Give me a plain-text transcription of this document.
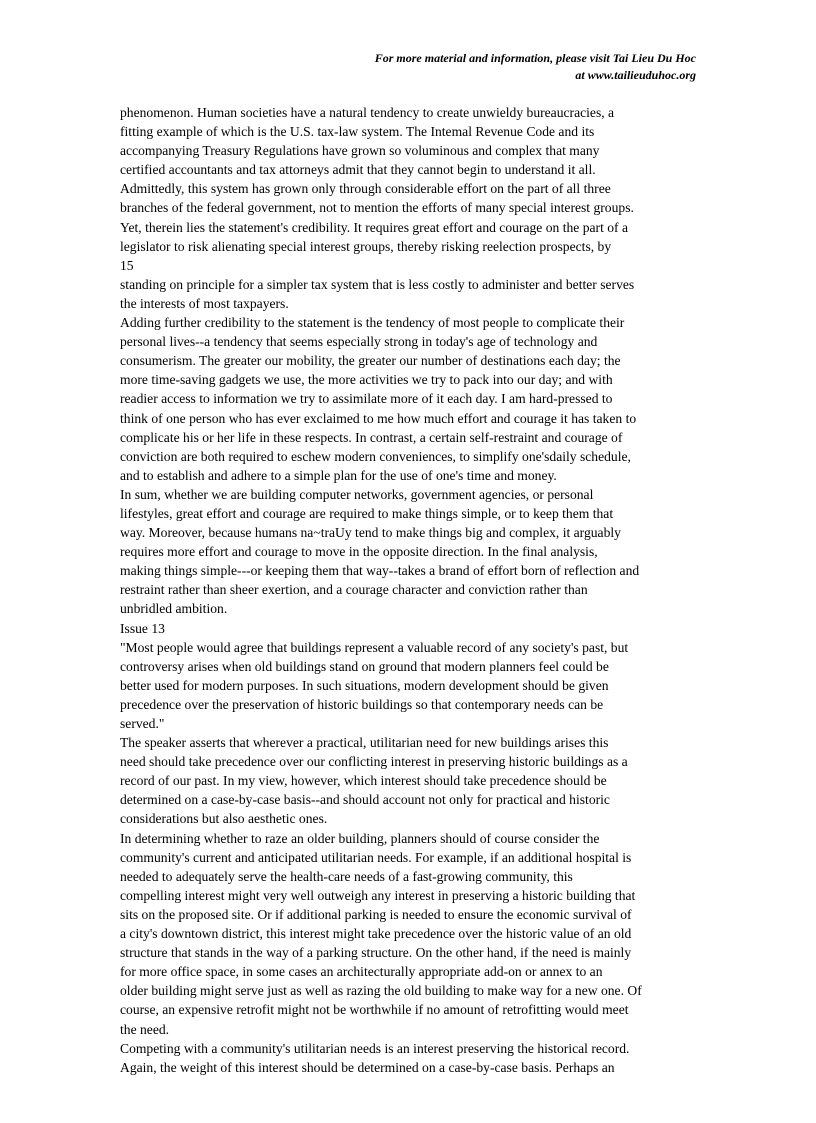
For more material and information, please visit Tai Lieu Du Hoc
at www.tailieuduhoc.org

phenomenon. Human societies have a natural tendency to create unwieldy bureaucracies, a

fitting example of which is the U.S. tax-law system. The Intemal Revenue Code and its

accompanying Treasury Regulations have grown so voluminous and complex that many

certified accountants and tax attorneys admit that they cannot begin to understand it all.

Admittedly, this system has grown only through considerable effort on the part of all three

branches of the federal government, not to mention the efforts of many special interest groups.

Yet, therein lies the statement's credibility. It requires great effort and courage on the part of a

legislator to risk alienating special interest groups, thereby risking reelection prospects, by

15

standing on principle for a simpler tax system that is less costly to administer and better serves

the interests of most taxpayers.

Adding further credibility to the statement is the tendency of most people to complicate their

personal lives--a tendency that seems especially strong in today's age of technology and

consumerism. The greater our mobility, the greater our number of destinations each day; the

more time-saving gadgets we use, the more activities we try to pack into our day; and with

readier access to information we try to assimilate more of it each day. I am hard-pressed to

think of one person who has ever exclaimed to me how much effort and courage it has taken to

complicate his or her life in these respects. In contrast, a certain self-restraint and courage of

conviction are both required to eschew modern conveniences, to simplify one'sdaily schedule,

and to establish and adhere to a simple plan for the use of one's time and money.

In sum, whether we are building computer networks, government agencies, or personal

lifestyles, great effort and courage are required to make things simple, or to keep them that

way. Moreover, because humans na~traUy tend to make things big and complex, it arguably

requires more effort and courage to move in the opposite direction. In the final analysis,

making things simple---or keeping them that way--takes a brand of effort born of reflection and

restraint rather than sheer exertion, and a courage character and conviction rather than

unbridled ambition.

Issue 13

"Most people would agree that buildings represent a valuable record of any society's past, but

controversy arises when old buildings stand on ground that modern planners feel could be

better used for modern purposes. In such situations, modern development should be given

precedence over the preservation of historic buildings so that contemporary needs can be

served."

The speaker asserts that wherever a practical, utilitarian need for new buildings arises this

need should take precedence over our conflicting interest in preserving historic buildings as a

record of our past. In my view, however, which interest should take precedence should be

determined on a case-by-case basis--and should account not only for practical and historic

considerations but also aesthetic ones.

In determining whether to raze an older building, planners should of course consider the

community's current and anticipated utilitarian needs. For example, if an additional hospital is

needed to adequately serve the health-care needs of a fast-growing community, this

compelling interest might very well outweigh any interest in preserving a historic building that

sits on the proposed site. Or if additional parking is needed to ensure the economic survival of

a city's downtown district, this interest might take precedence over the historic value of an old

structure that stands in the way of a parking structure. On the other hand, if the need is mainly

for more office space, in some cases an architecturally appropriate add-on or annex to an

older building might serve just as well as razing the old building to make way for a new one. Of

course, an expensive retrofit might not be worthwhile if no amount of retrofitting would meet

the need.

Competing with a community's utilitarian needs is an interest preserving the historical record.

Again, the weight of this interest should be determined on a case-by-case basis. Perhaps an
